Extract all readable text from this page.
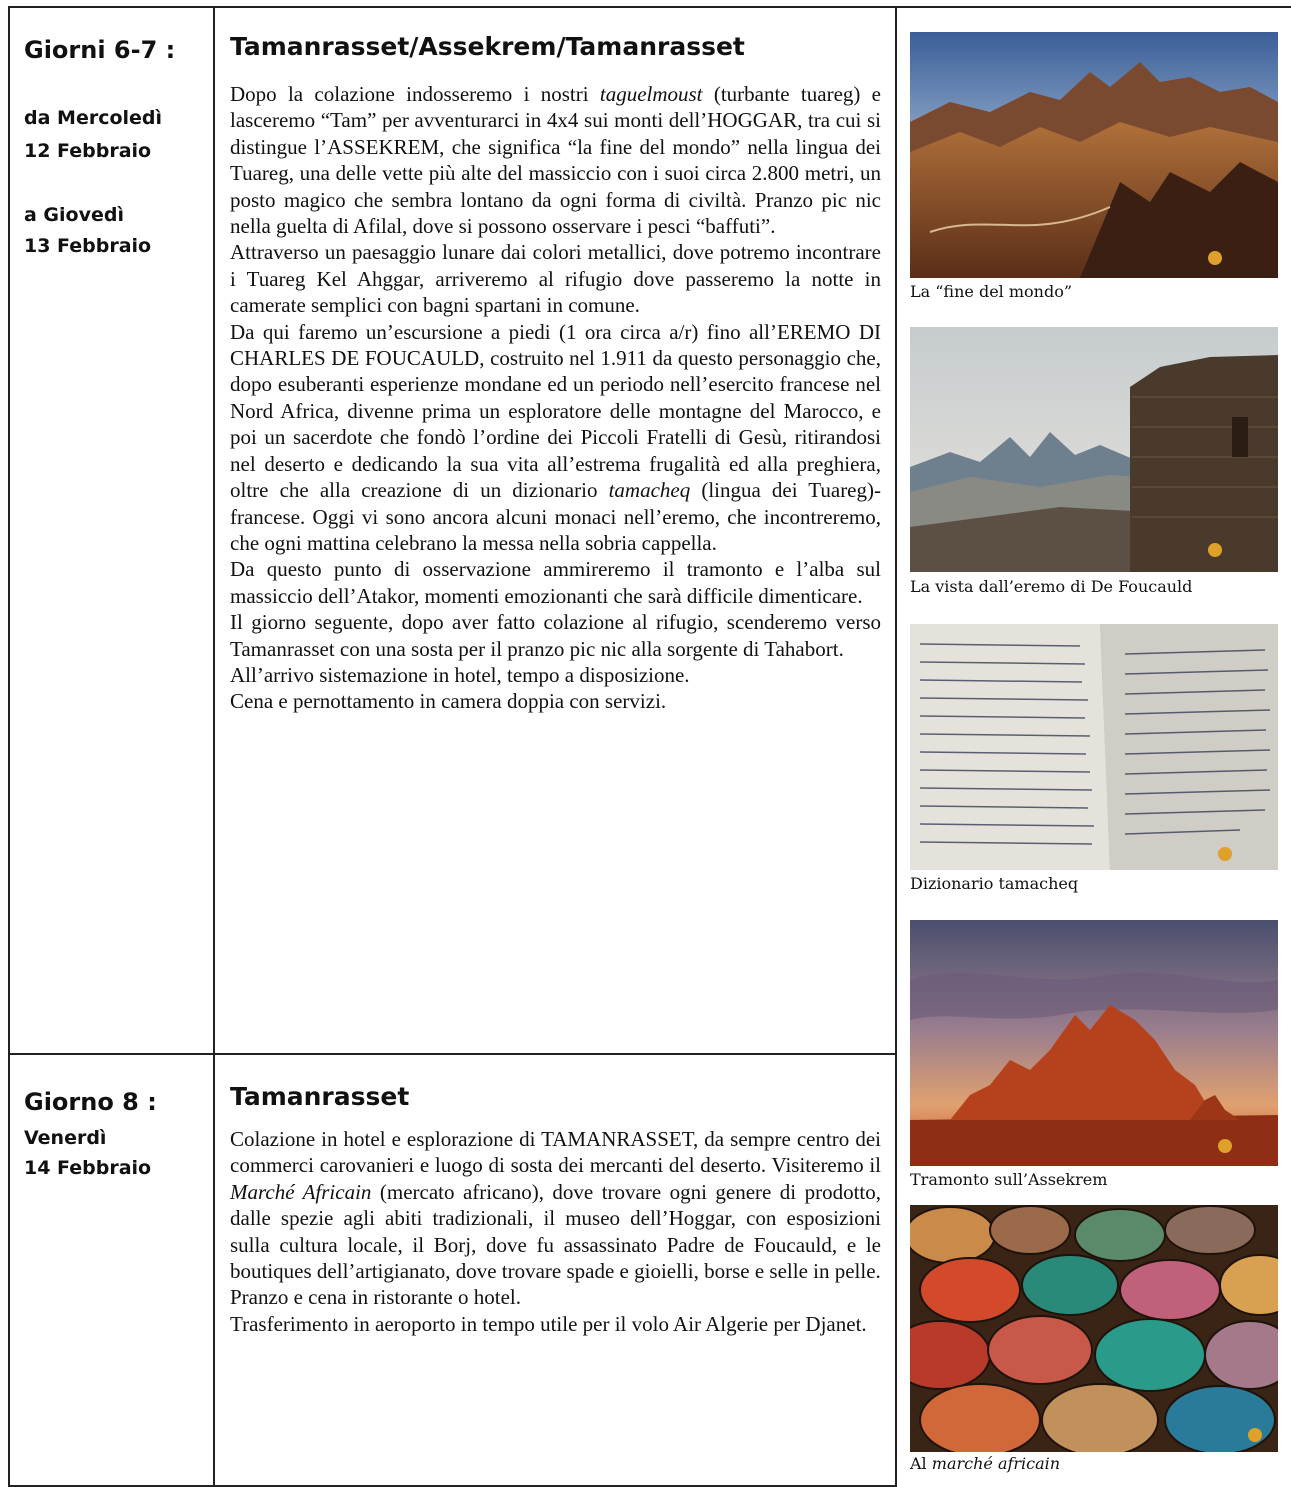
Giorni 6-7 :
da Mercoledì
12 Febbraio
a Giovedì
13 Febbraio
Tamanrasset/Assekrem/Tamanrasset

Dopo la colazione indosseremo i nostri taguelmoust (turbante tuareg) e lasceremo “Tam” per avventurarci in 4x4 sui monti dell’HOGGAR, tra cui si distingue l’ASSEKREM, che significa “la fine del mondo” nella lingua dei Tuareg, una delle vette più alte del massiccio con i suoi circa 2.800 metri, un posto magico che sembra lontano da ogni forma di civiltà. Pranzo pic nic nella guelta di Afilal, dove si possono osservare i pesci “baffuti”.

Attraverso un paesaggio lunare dai colori metallici, dove potremo incontrare i Tuareg Kel Ahggar, arriveremo al rifugio dove passeremo la notte in camerate semplici con bagni spartani in comune.

Da qui faremo un’escursione a piedi (1 ora circa a/r) fino all’EREMO DI CHARLES DE FOUCAULD, costruito nel 1.911 da questo personaggio che, dopo esuberanti esperienze mondane ed un periodo nell’esercito francese nel Nord Africa, divenne prima un esploratore delle montagne del Marocco, e poi un sacerdote che fondò l’ordine dei Piccoli Fratelli di Gesù, ritirandosi nel deserto e dedicando la sua vita all’estrema frugalità ed alla preghiera, oltre che alla creazione di un dizionario tamacheq (lingua dei Tuareg)-francese. Oggi vi sono ancora alcuni monaci nell’eremo, che incontreremo, che ogni mattina celebrano la messa nella sobria cappella.

Da questo punto di osservazione ammireremo il tramonto e l’alba sul massiccio dell’Atakor, momenti emozionanti che sarà difficile dimenticare.

Il giorno seguente, dopo aver fatto colazione al rifugio, scenderemo verso Tamanrasset con una sosta per il pranzo pic nic alla sorgente di Tahabort.

All’arrivo sistemazione in hotel, tempo a disposizione.

Cena e pernottamento in camera doppia con servizi.

Giorno 8 :
Venerdì
14 Febbraio
Tamanrasset

Colazione in hotel e esplorazione di TAMANRASSET, da sempre centro dei commerci carovanieri e luogo di sosta dei mercanti del deserto. Visiteremo il Marché Africain (mercato africano), dove trovare ogni genere di prodotto, dalle spezie agli abiti tradizionali, il museo dell’Hoggar, con esposizioni sulla cultura locale, il Borj, dove fu assassinato Padre de Foucauld, e le boutiques dell’artigianato, dove trovare spade e gioielli, borse e selle in pelle.

Pranzo e cena in ristorante o hotel.

Trasferimento in aeroporto in tempo utile per il volo Air Algerie per Djanet.

La “fine del mondo”
La vista dall’eremo di De Foucauld
Dizionario tamacheq
Tramonto sull’Assekrem
Al marché africain
